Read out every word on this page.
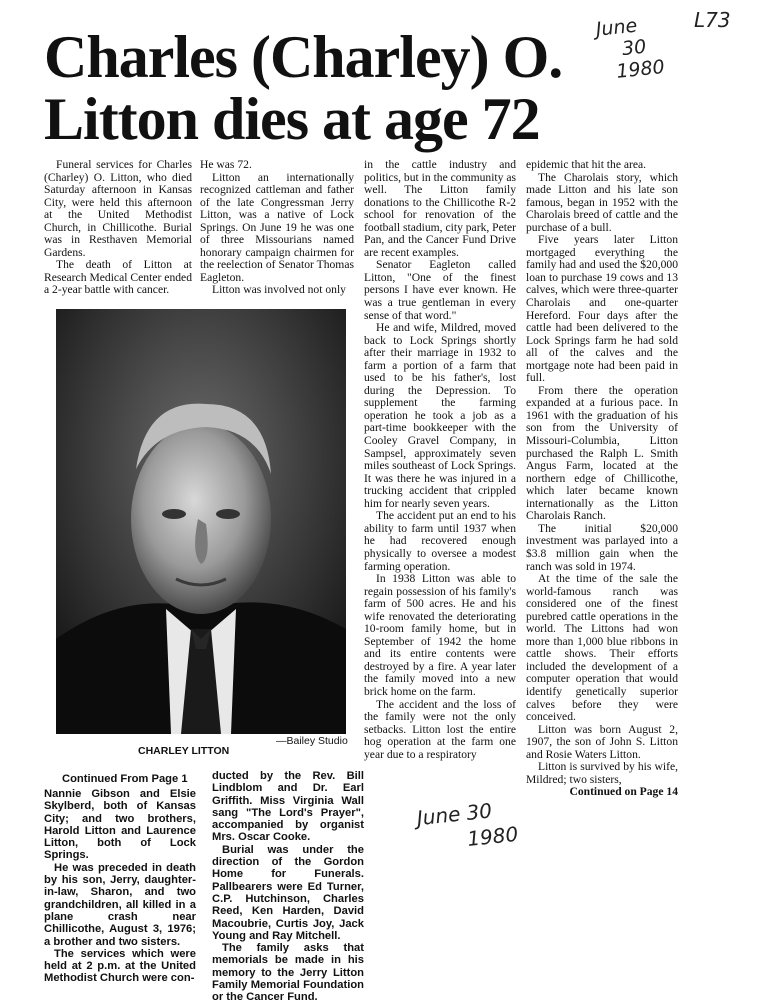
June
30
1980
L73
Charles (Charley) O.
Litton dies at age 72

Funeral services for Charles (Charley) O. Litton, who died Saturday afternoon in Kansas City, were held this afternoon at the United Methodist Church, in Chillicothe. Burial was in Resthaven Memorial Gardens.

The death of Litton at Research Medical Center ended a 2-year battle with cancer.

He was 72.

Litton an internationally recognized cattleman and father of the late Congressman Jerry Litton, was a native of Lock Springs. On June 19 he was one of three Missourians named honorary campaign chairmen for the reelection of Senator Thomas Eagleton.

Litton was involved not only

CHARLEY LITTON
—Bailey Studio

in the cattle industry and politics, but in the community as well. The Litton family donations to the Chillicothe R-2 school for renovation of the football stadium, city park, Peter Pan, and the Cancer Fund Drive are recent examples.

Senator Eagleton called Litton, "One of the finest persons I have ever known. He was a true gentleman in every sense of that word."

He and wife, Mildred, moved back to Lock Springs shortly after their marriage in 1932 to farm a portion of a farm that used to be his father's, lost during the Depression. To supplement the farming operation he took a job as a part-time bookkeeper with the Cooley Gravel Company, in Sampsel, approximately seven miles southeast of Lock Springs. It was there he was injured in a trucking accident that crippled him for nearly seven years.

The accident put an end to his ability to farm until 1937 when he had recovered enough physically to oversee a modest farming operation.

In 1938 Litton was able to regain possession of his family's farm of 500 acres. He and his wife renovated the deteriorating 10-room family home, but in September of 1942 the home and its entire contents were destroyed by a fire. A year later the family moved into a new brick home on the farm.

The accident and the loss of the family were not the only setbacks. Litton lost the entire hog operation at the farm one year due to a respiratory

epidemic that hit the area.

The Charolais story, which made Litton and his late son famous, began in 1952 with the Charolais breed of cattle and the purchase of a bull.

Five years later Litton mortgaged everything the family had and used the $20,000 loan to purchase 19 cows and 13 calves, which were three-quarter Charolais and one-quarter Hereford. Four days after the cattle had been delivered to the Lock Springs farm he had sold all of the calves and the mortgage note had been paid in full.

From there the operation expanded at a furious pace. In 1961 with the graduation of his son from the University of Missouri-Columbia, Litton purchased the Ralph L. Smith Angus Farm, located at the northern edge of Chillicothe, which later became known internationally as the Litton Charolais Ranch.

The initial $20,000 investment was parlayed into a $3.8 million gain when the ranch was sold in 1974.

At the time of the sale the world-famous ranch was considered one of the finest purebred cattle operations in the world. The Littons had won more than 1,000 blue ribbons in cattle shows. Their efforts included the development of a computer operation that would identify genetically superior calves before they were conceived.

Litton was born August 2, 1907, the son of John S. Litton and Rosie Waters Litton.

Litton is survived by his wife, Mildred; two sisters,

Continued on Page 14

Continued From Page 1

Nannie Gibson and Elsie Skylberd, both of Kansas City; and two brothers, Harold Litton and Laurence Litton, both of Lock Springs.

He was preceded in death by his son, Jerry, daughter-in-law, Sharon, and two grandchildren, all killed in a plane crash near Chillicothe, August 3, 1976; a brother and two sisters.

The services which were held at 2 p.m. at the United Methodist Church were con-

ducted by the Rev. Bill Lindblom and Dr. Earl Griffith. Miss Virginia Wall sang "The Lord's Prayer", accompanied by organist Mrs. Oscar Cooke.

Burial was under the direction of the Gordon Home for Funerals. Pallbearers were Ed Turner, C.P. Hutchinson, Charles Reed, Ken Harden, David Macoubrie, Curtis Joy, Jack Young and Ray Mitchell.

The family asks that memorials be made in his memory to the Jerry Litton Family Memorial Foundation or the Cancer Fund.

June 30
1980
